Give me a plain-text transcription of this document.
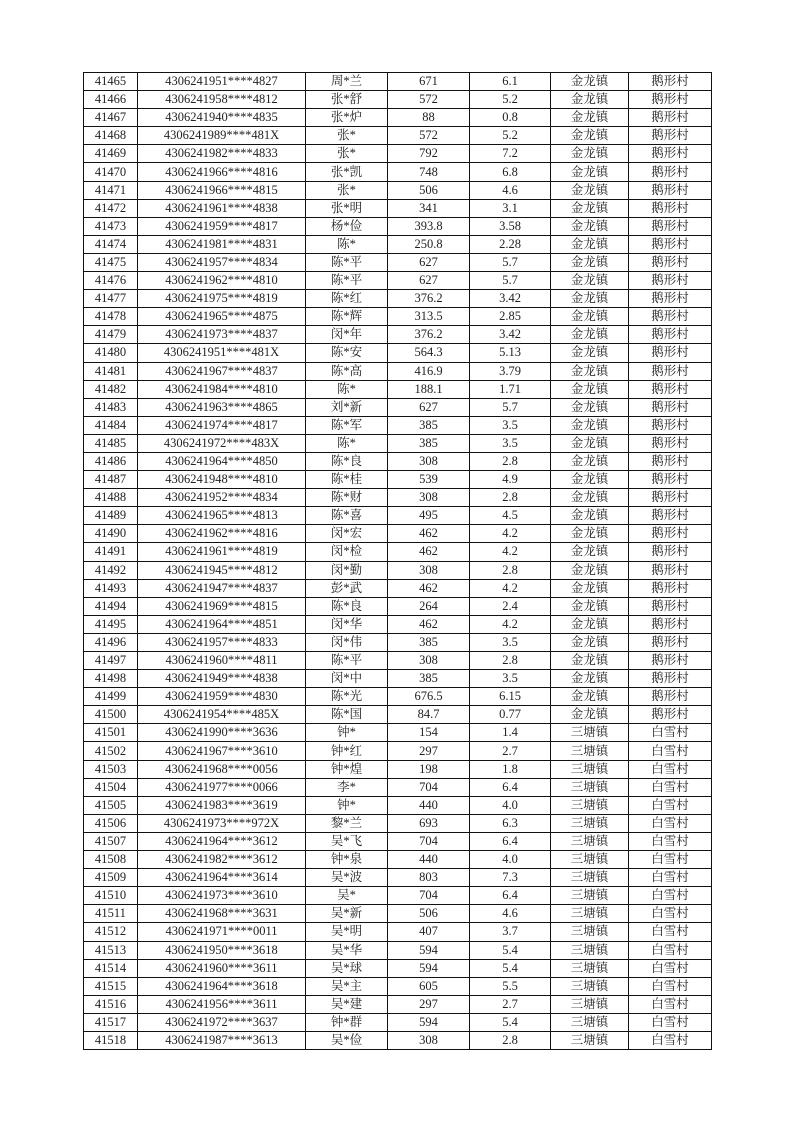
41465	4306241951****4827	周*兰	671	6.1	金龙镇	鹅形村
41466	4306241958****4812	张*舒	572	5.2	金龙镇	鹅形村
41467	4306241940****4835	张*炉	88	0.8	金龙镇	鹅形村
41468	4306241989****481X	张*	572	5.2	金龙镇	鹅形村
41469	4306241982****4833	张*	792	7.2	金龙镇	鹅形村
41470	4306241966****4816	张*凯	748	6.8	金龙镇	鹅形村
41471	4306241966****4815	张*	506	4.6	金龙镇	鹅形村
41472	4306241961****4838	张*明	341	3.1	金龙镇	鹅形村
41473	4306241959****4817	杨*俭	393.8	3.58	金龙镇	鹅形村
41474	4306241981****4831	陈*	250.8	2.28	金龙镇	鹅形村
41475	4306241957****4834	陈*平	627	5.7	金龙镇	鹅形村
41476	4306241962****4810	陈*平	627	5.7	金龙镇	鹅形村
41477	4306241975****4819	陈*红	376.2	3.42	金龙镇	鹅形村
41478	4306241965****4875	陈*辉	313.5	2.85	金龙镇	鹅形村
41479	4306241973****4837	闵*年	376.2	3.42	金龙镇	鹅形村
41480	4306241951****481X	陈*安	564.3	5.13	金龙镇	鹅形村
41481	4306241967****4837	陈*高	416.9	3.79	金龙镇	鹅形村
41482	4306241984****4810	陈*	188.1	1.71	金龙镇	鹅形村
41483	4306241963****4865	刘*新	627	5.7	金龙镇	鹅形村
41484	4306241974****4817	陈*军	385	3.5	金龙镇	鹅形村
41485	4306241972****483X	陈*	385	3.5	金龙镇	鹅形村
41486	4306241964****4850	陈*良	308	2.8	金龙镇	鹅形村
41487	4306241948****4810	陈*桂	539	4.9	金龙镇	鹅形村
41488	4306241952****4834	陈*财	308	2.8	金龙镇	鹅形村
41489	4306241965****4813	陈*喜	495	4.5	金龙镇	鹅形村
41490	4306241962****4816	闵*宏	462	4.2	金龙镇	鹅形村
41491	4306241961****4819	闵*检	462	4.2	金龙镇	鹅形村
41492	4306241945****4812	闵*勤	308	2.8	金龙镇	鹅形村
41493	4306241947****4837	彭*武	462	4.2	金龙镇	鹅形村
41494	4306241969****4815	陈*良	264	2.4	金龙镇	鹅形村
41495	4306241964****4851	闵*华	462	4.2	金龙镇	鹅形村
41496	4306241957****4833	闵*伟	385	3.5	金龙镇	鹅形村
41497	4306241960****4811	陈*平	308	2.8	金龙镇	鹅形村
41498	4306241949****4838	闵*中	385	3.5	金龙镇	鹅形村
41499	4306241959****4830	陈*光	676.5	6.15	金龙镇	鹅形村
41500	4306241954****485X	陈*国	84.7	0.77	金龙镇	鹅形村
41501	4306241990****3636	钟*	154	1.4	三塘镇	白雪村
41502	4306241967****3610	钟*红	297	2.7	三塘镇	白雪村
41503	4306241968****0056	钟*煌	198	1.8	三塘镇	白雪村
41504	4306241977****0066	李*	704	6.4	三塘镇	白雪村
41505	4306241983****3619	钟*	440	4.0	三塘镇	白雪村
41506	4306241973****972X	黎*兰	693	6.3	三塘镇	白雪村
41507	4306241964****3612	吴*飞	704	6.4	三塘镇	白雪村
41508	4306241982****3612	钟*泉	440	4.0	三塘镇	白雪村
41509	4306241964****3614	吴*波	803	7.3	三塘镇	白雪村
41510	4306241973****3610	吴*	704	6.4	三塘镇	白雪村
41511	4306241968****3631	吴*新	506	4.6	三塘镇	白雪村
41512	4306241971****0011	吴*明	407	3.7	三塘镇	白雪村
41513	4306241950****3618	吴*华	594	5.4	三塘镇	白雪村
41514	4306241960****3611	吴*球	594	5.4	三塘镇	白雪村
41515	4306241964****3618	吴*主	605	5.5	三塘镇	白雪村
41516	4306241956****3611	吴*建	297	2.7	三塘镇	白雪村
41517	4306241972****3637	钟*群	594	5.4	三塘镇	白雪村
41518	4306241987****3613	吴*俭	308	2.8	三塘镇	白雪村
